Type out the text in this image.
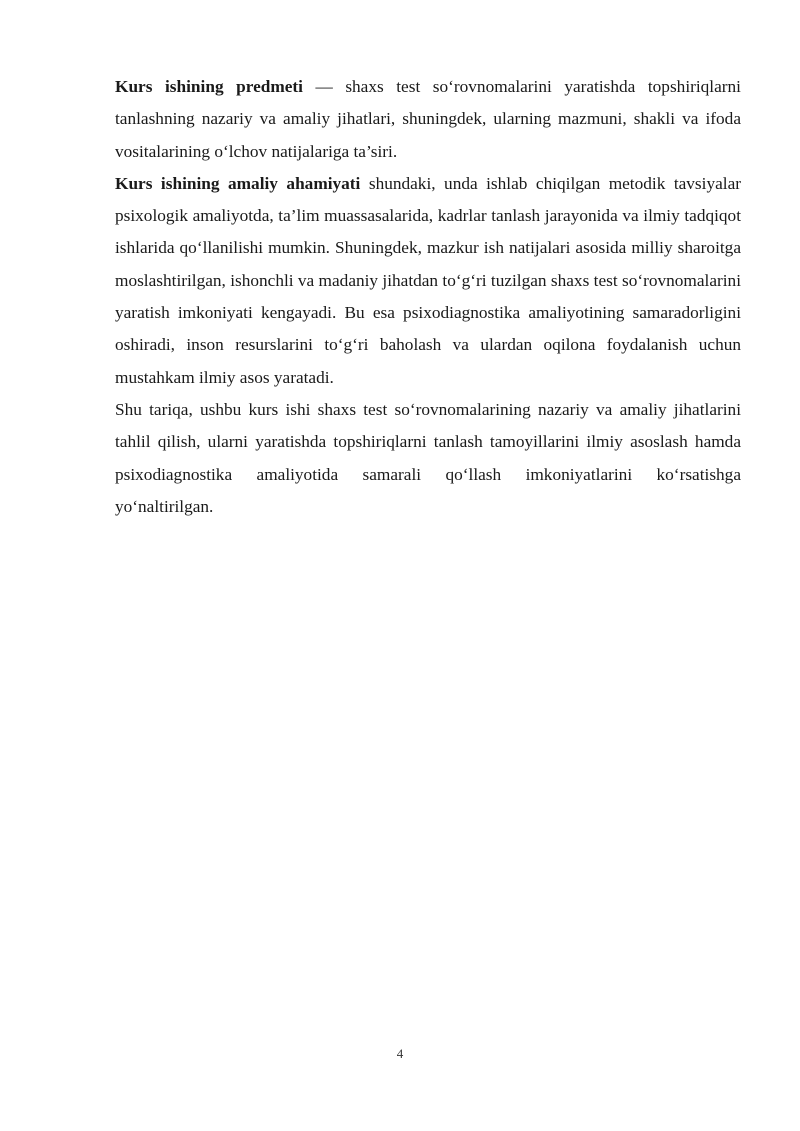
Kurs ishining predmeti — shaxs test so‘rovnomalarini yaratishda topshiriqlarni tanlashning nazariy va amaliy jihatlari, shuningdek, ularning mazmuni, shakli va ifoda vositalarining o‘lchov natijalariga ta’siri.

Kurs ishining amaliy ahamiyati shundaki, unda ishlab chiqilgan metodik tavsiyalar psixologik amaliyotda, ta’lim muassasalarida, kadrlar tanlash jarayonida va ilmiy tadqiqot ishlarida qo‘llanilishi mumkin. Shuningdek, mazkur ish natijalari asosida milliy sharoitga moslashtirilgan, ishonchli va madaniy jihatdan to‘g‘ri tuzilgan shaxs test so‘rovnomalarini yaratish imkoniyati kengayadi. Bu esa psixodiagnostika amaliyotining samaradorligini oshiradi, inson resurslarini to‘g‘ri baholash va ulardan oqilona foydalanish uchun mustahkam ilmiy asos yaratadi.

Shu tariqa, ushbu kurs ishi shaxs test so‘rovnomalarining nazariy va amaliy jihatlarini tahlil qilish, ularni yaratishda topshiriqlarni tanlash tamoyillarini ilmiy asoslash hamda psixodiagnostika amaliyotida samarali qo‘llash imkoniyatlarini ko‘rsatishga yo‘naltirilgan.

4
